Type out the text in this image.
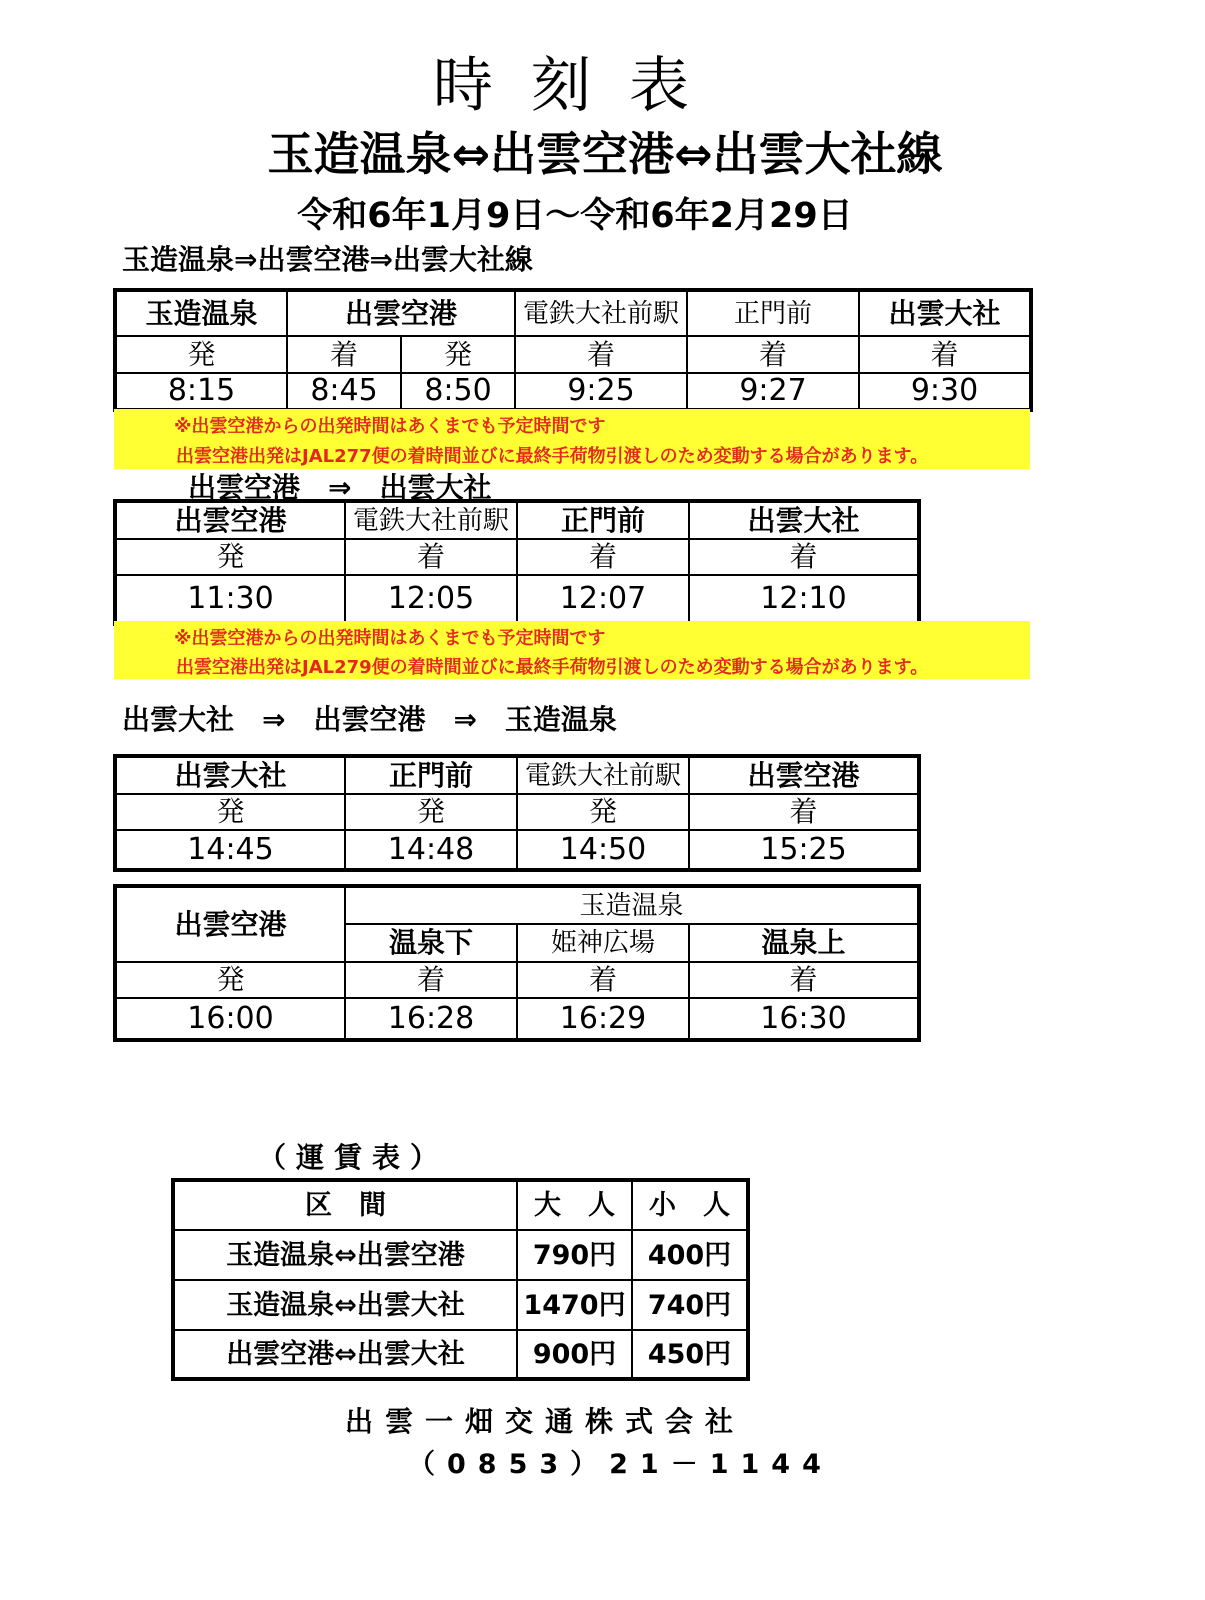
時刻表
玉造温泉⇔出雲空港⇔出雲大社線
令和6年1月9日～令和6年2月29日
玉造温泉⇒出雲空港⇒出雲大社線
玉造温泉	出雲空港		電鉄大社前駅	正門前	出雲大社
発	着	発	着	着	着
8:15	8:45	8:50	9:25	9:27	9:30
※出雲空港からの出発時間はあくまでも予定時間です
出雲空港出発はJAL277便の着時間並びに最終手荷物引渡しのため変動する場合があります。
出雲空港　⇒　出雲大社
出雲空港	電鉄大社前駅	正門前	出雲大社
発	着	着	着
11:30	12:05	12:07	12:10
※出雲空港からの出発時間はあくまでも予定時間です
出雲空港出発はJAL279便の着時間並びに最終手荷物引渡しのため変動する場合があります。
出雲大社　⇒　出雲空港　⇒　玉造温泉
出雲大社	正門前	電鉄大社前駅	出雲空港
発	発	発	着
14:45	14:48	14:50	15:25
出雲空港	玉造温泉		
	温泉下	姫神広場	温泉上
発	着	着	着
16:00	16:28	16:29	16:30
（運賃表）
区　間	大　人	小　人
玉造温泉⇔出雲空港	790円	400円
玉造温泉⇔出雲大社	1470円	740円
出雲空港⇔出雲大社	900円	450円
出雲一畑交通株式会社
（0853）21－1144
